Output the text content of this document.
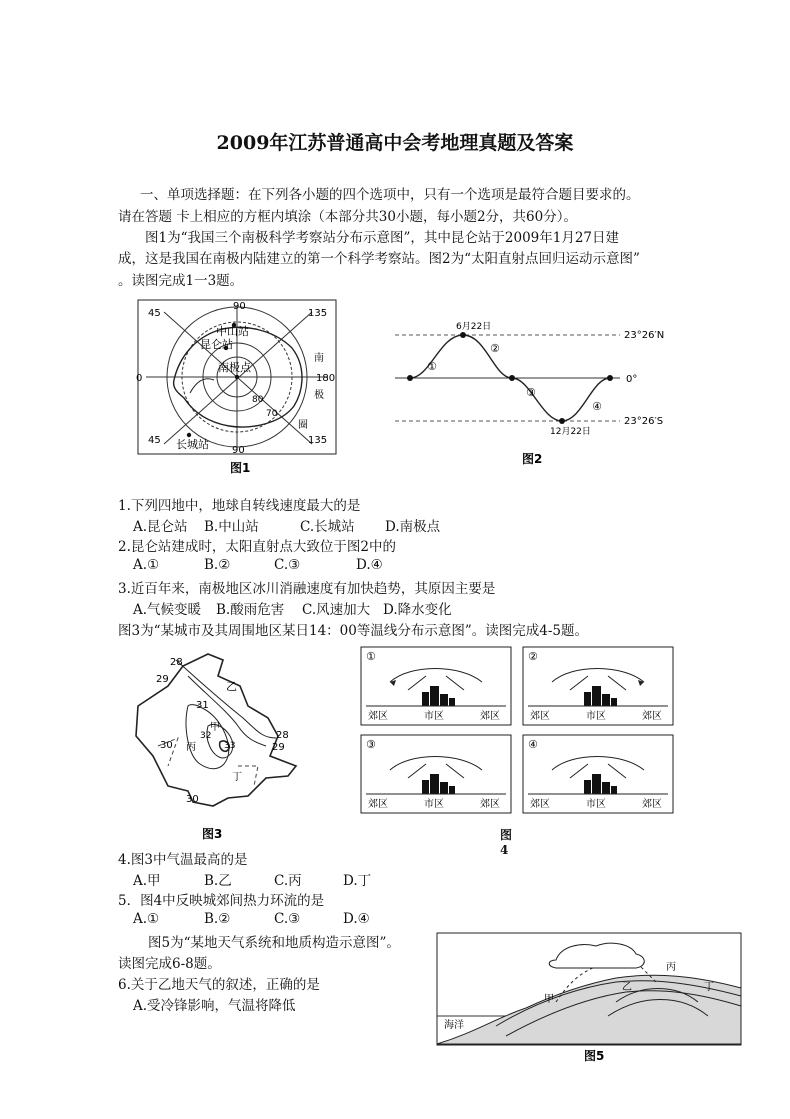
2009年江苏普通高中会考地理真题及答案
一、单项选择题：在下列各小题的四个选项中，只有一个选项是最符合题目要求的。
请在答题 卡上相应的方框内填涂（本部分共30小题，每小题2分，共60分）。
图1为“我国三个南极科学考察站分布示意图”，其中昆仑站于2009年1月27日建
成，这是我国在南极内陆建立的第一个科学考察站。图2为“太阳直射点回归运动示意图”
。读图完成1一3题。
90
45	135
0	180
45
90
135
中山站
昆仑站
南极点
长城站
80
70
南
极
圈
图1
6月22日
12月22日
23°26′N
0°
23°26′S
①
②
③
④
图2
1.下列四地中，地球自转线速度最大的是
A.昆仑站 B.中山站	C.长城站 D.南极点
2.昆仑站建成时，太阳直射点大致位于图2中的
A.①	B.②	C.③	D.④
3.近百年来，南极地区冰川消融速度有加快趋势，其原因主要是
A.气候变暖 B.酸雨危害 C.风速加大 D.降水变化
图3为“某城市及其周围地区某日14：00等温线分布示意图”。读图完成4-5题。
28
29
乙
31
30
甲
丙	33
28
29
丁
30
32
图3
①
郊区	市区	郊区
②
郊区	市区	郊区
③
郊区	市区	郊区
④
郊区	市区	郊区
图4
4.图3中气温最高的是
A.甲	B.乙	C.丙	D.丁
5．图4中反映城郊间热力环流的是
A.①	B.②	C.③	D.④
图5为“某地天气系统和地质构造示意图”。
读图完成6-8题。
6.关于乙地天气的叙述，正确的是
A.受冷锋影响，气温将降低	甲
乙
丙
丁
海洋
图5
